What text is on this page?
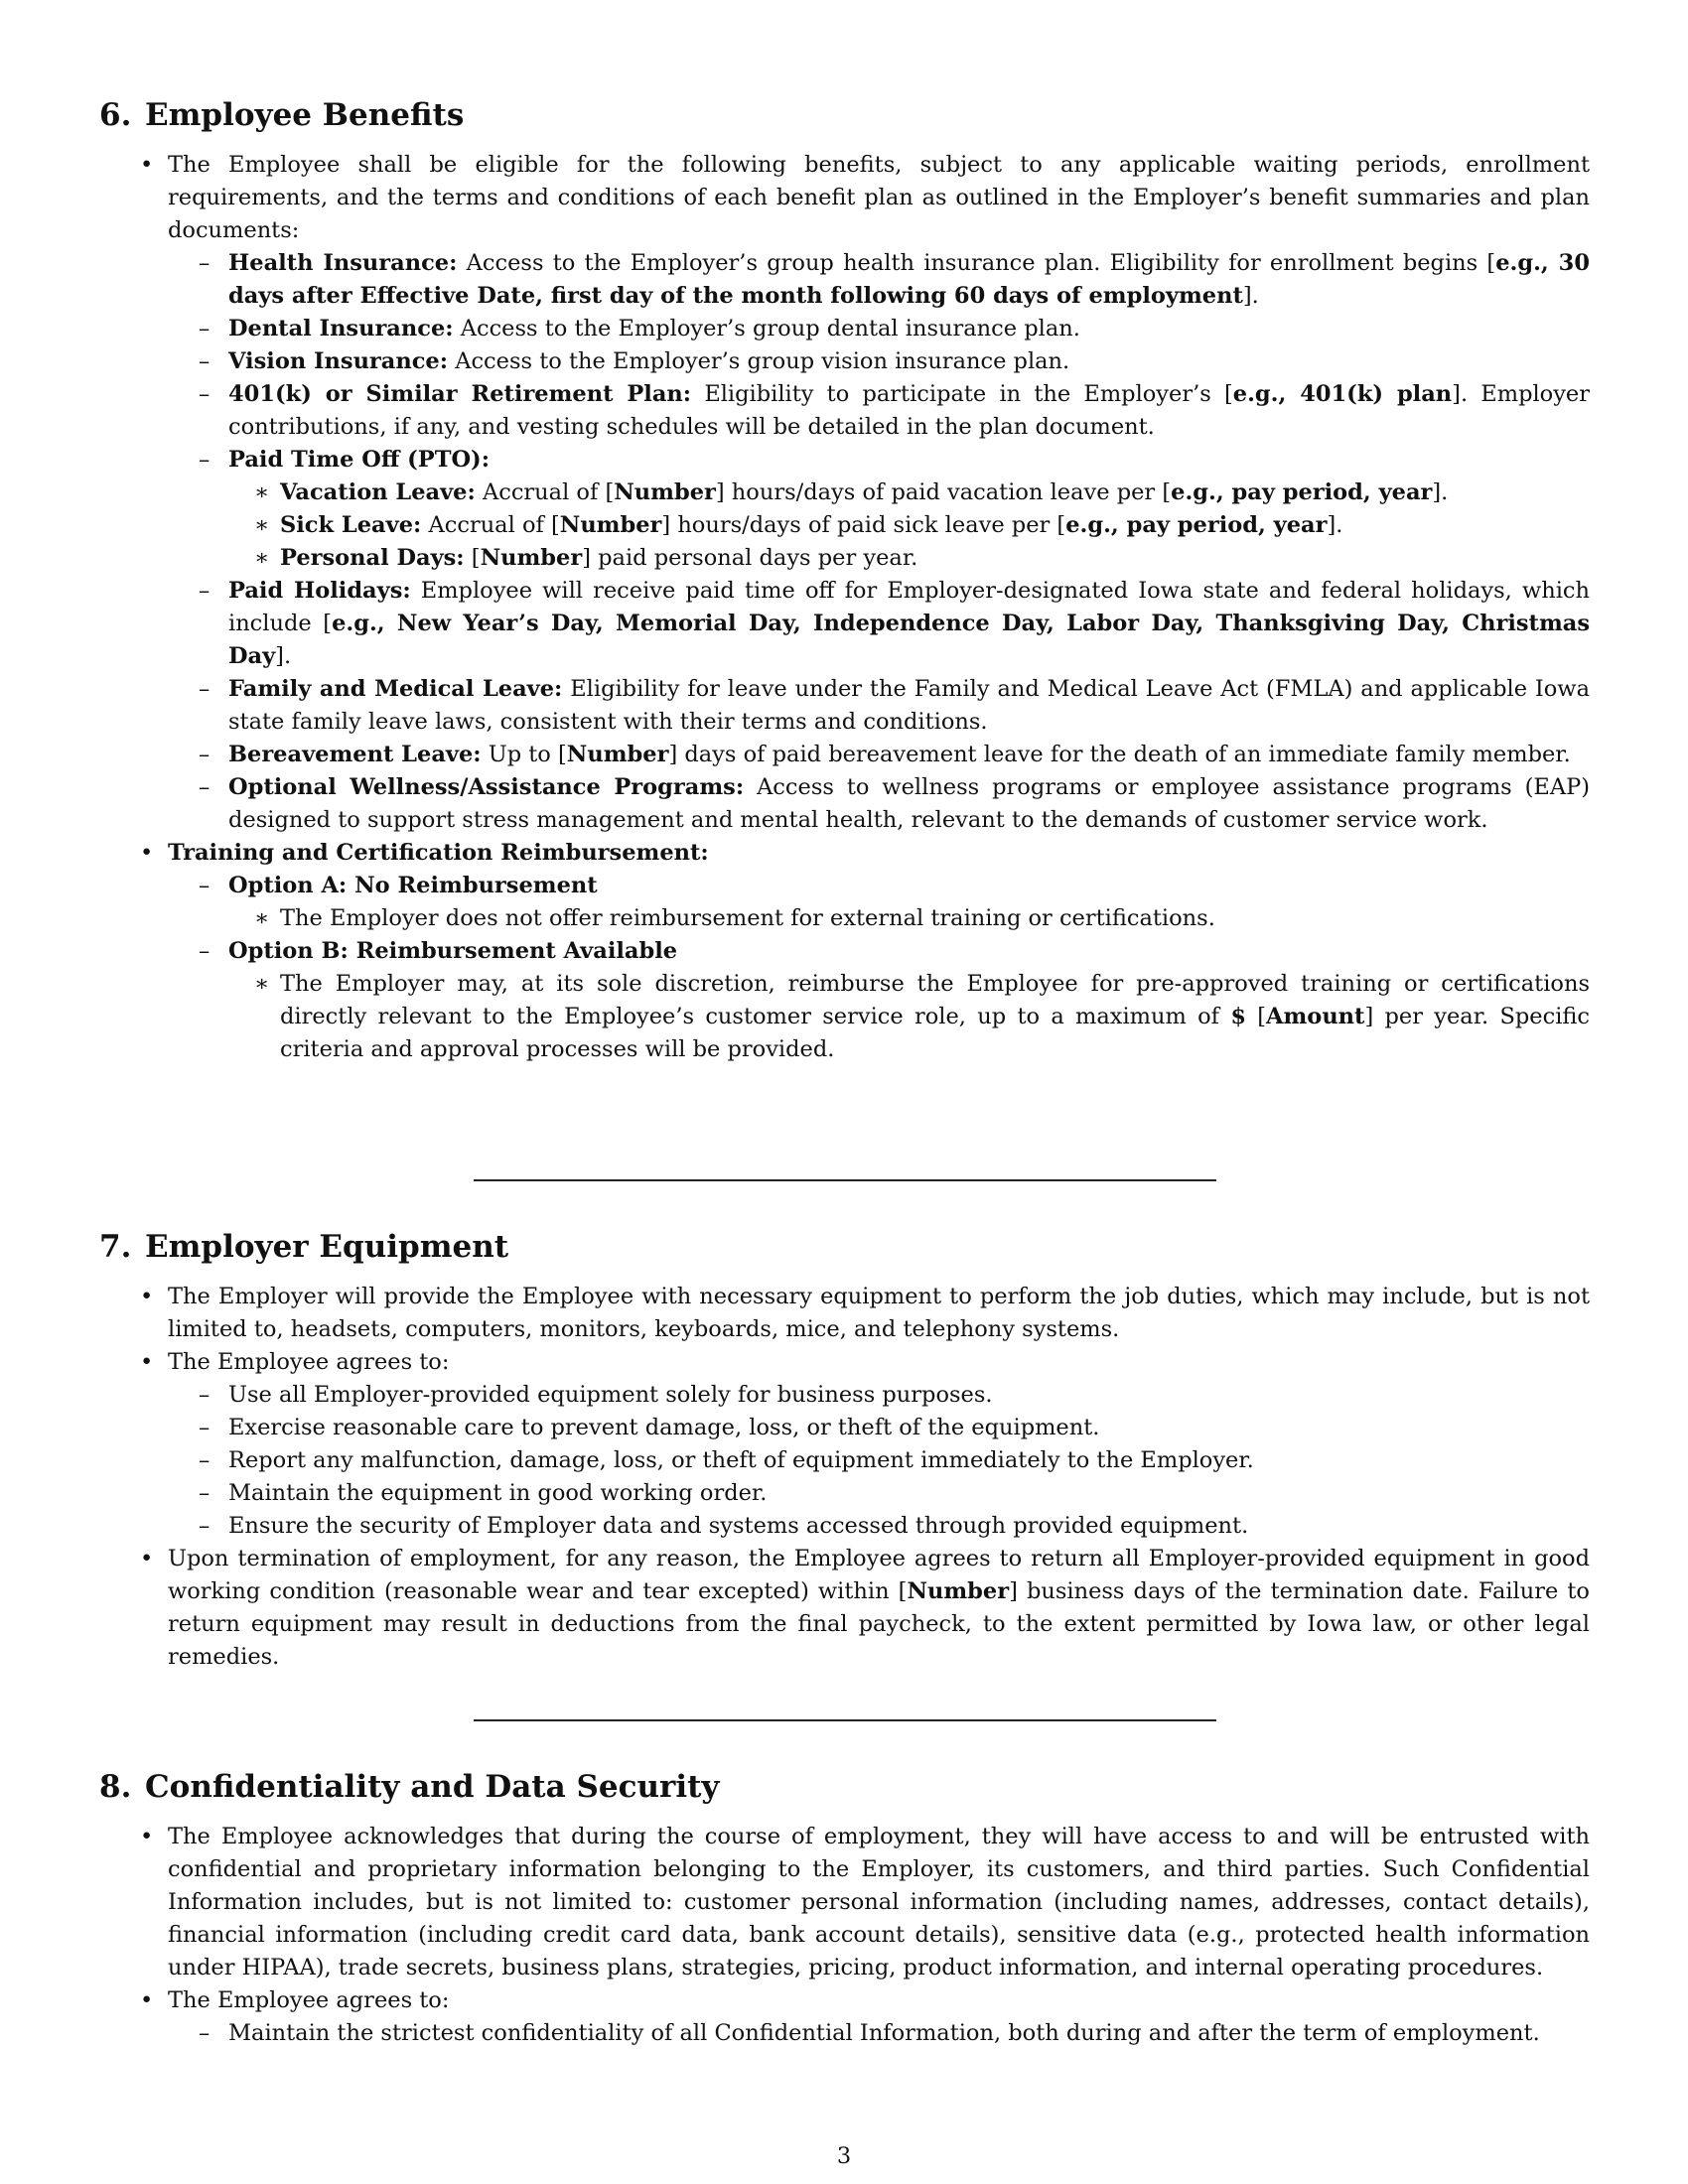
6. Employee Benefits
• The Employee shall be eligible for the following benefits, subject to any applicable waiting periods, enrollment requirements, and the terms and conditions of each benefit plan as outlined in the Employer’s benefit summaries and plan documents:
– Health Insurance: Access to the Employer’s group health insurance plan. Eligibility for enrollment begins [e.g., 30 days after Effective Date, first day of the month following 60 days of employment].
– Dental Insurance: Access to the Employer’s group dental insurance plan.
– Vision Insurance: Access to the Employer’s group vision insurance plan.
– 401(k) or Similar Retirement Plan: Eligibility to participate in the Employer’s [e.g., 401(k) plan]. Employer contributions, if any, and vesting schedules will be detailed in the plan document.
– Paid Time Off (PTO):
∗ Vacation Leave: Accrual of [Number] hours/days of paid vacation leave per [e.g., pay period, year].
∗ Sick Leave: Accrual of [Number] hours/days of paid sick leave per [e.g., pay period, year].
∗ Personal Days: [Number] paid personal days per year.
– Paid Holidays: Employee will receive paid time off for Employer-designated Iowa state and federal holidays, which include [e.g., New Year’s Day, Memorial Day, Independence Day, Labor Day, Thanksgiving Day, Christmas Day].
– Family and Medical Leave: Eligibility for leave under the Family and Medical Leave Act (FMLA) and applicable Iowa state family leave laws, consistent with their terms and conditions.
– Bereavement Leave: Up to [Number] days of paid bereavement leave for the death of an immediate family member.
– Optional Wellness/Assistance Programs: Access to wellness programs or employee assistance programs (EAP) designed to support stress management and mental health, relevant to the demands of customer service work.
• Training and Certification Reimbursement:
– Option A: No Reimbursement
∗ The Employer does not offer reimbursement for external training or certifications.
– Option B: Reimbursement Available
∗ The Employer may, at its sole discretion, reimburse the Employee for pre-approved training or certifications directly relevant to the Employee’s customer service role, up to a maximum of $ [Amount] per year. Specific criteria and approval processes will be provided.
7. Employer Equipment
• The Employer will provide the Employee with necessary equipment to perform the job duties, which may include, but is not limited to, headsets, computers, monitors, keyboards, mice, and telephony systems.
• The Employee agrees to:
– Use all Employer-provided equipment solely for business purposes.
– Exercise reasonable care to prevent damage, loss, or theft of the equipment.
– Report any malfunction, damage, loss, or theft of equipment immediately to the Employer.
– Maintain the equipment in good working order.
– Ensure the security of Employer data and systems accessed through provided equipment.
• Upon termination of employment, for any reason, the Employee agrees to return all Employer-provided equipment in good working condition (reasonable wear and tear excepted) within [Number] business days of the termination date. Failure to return equipment may result in deductions from the final paycheck, to the extent permitted by Iowa law, or other legal remedies.
8. Confidentiality and Data Security
• The Employee acknowledges that during the course of employment, they will have access to and will be entrusted with confidential and proprietary information belonging to the Employer, its customers, and third parties. Such Confidential Information includes, but is not limited to: customer personal information (including names, addresses, contact details), financial information (including credit card data, bank account details), sensitive data (e.g., protected health information under HIPAA), trade secrets, business plans, strategies, pricing, product information, and internal operating procedures.
• The Employee agrees to:
– Maintain the strictest confidentiality of all Confidential Information, both during and after the term of employment.
3
